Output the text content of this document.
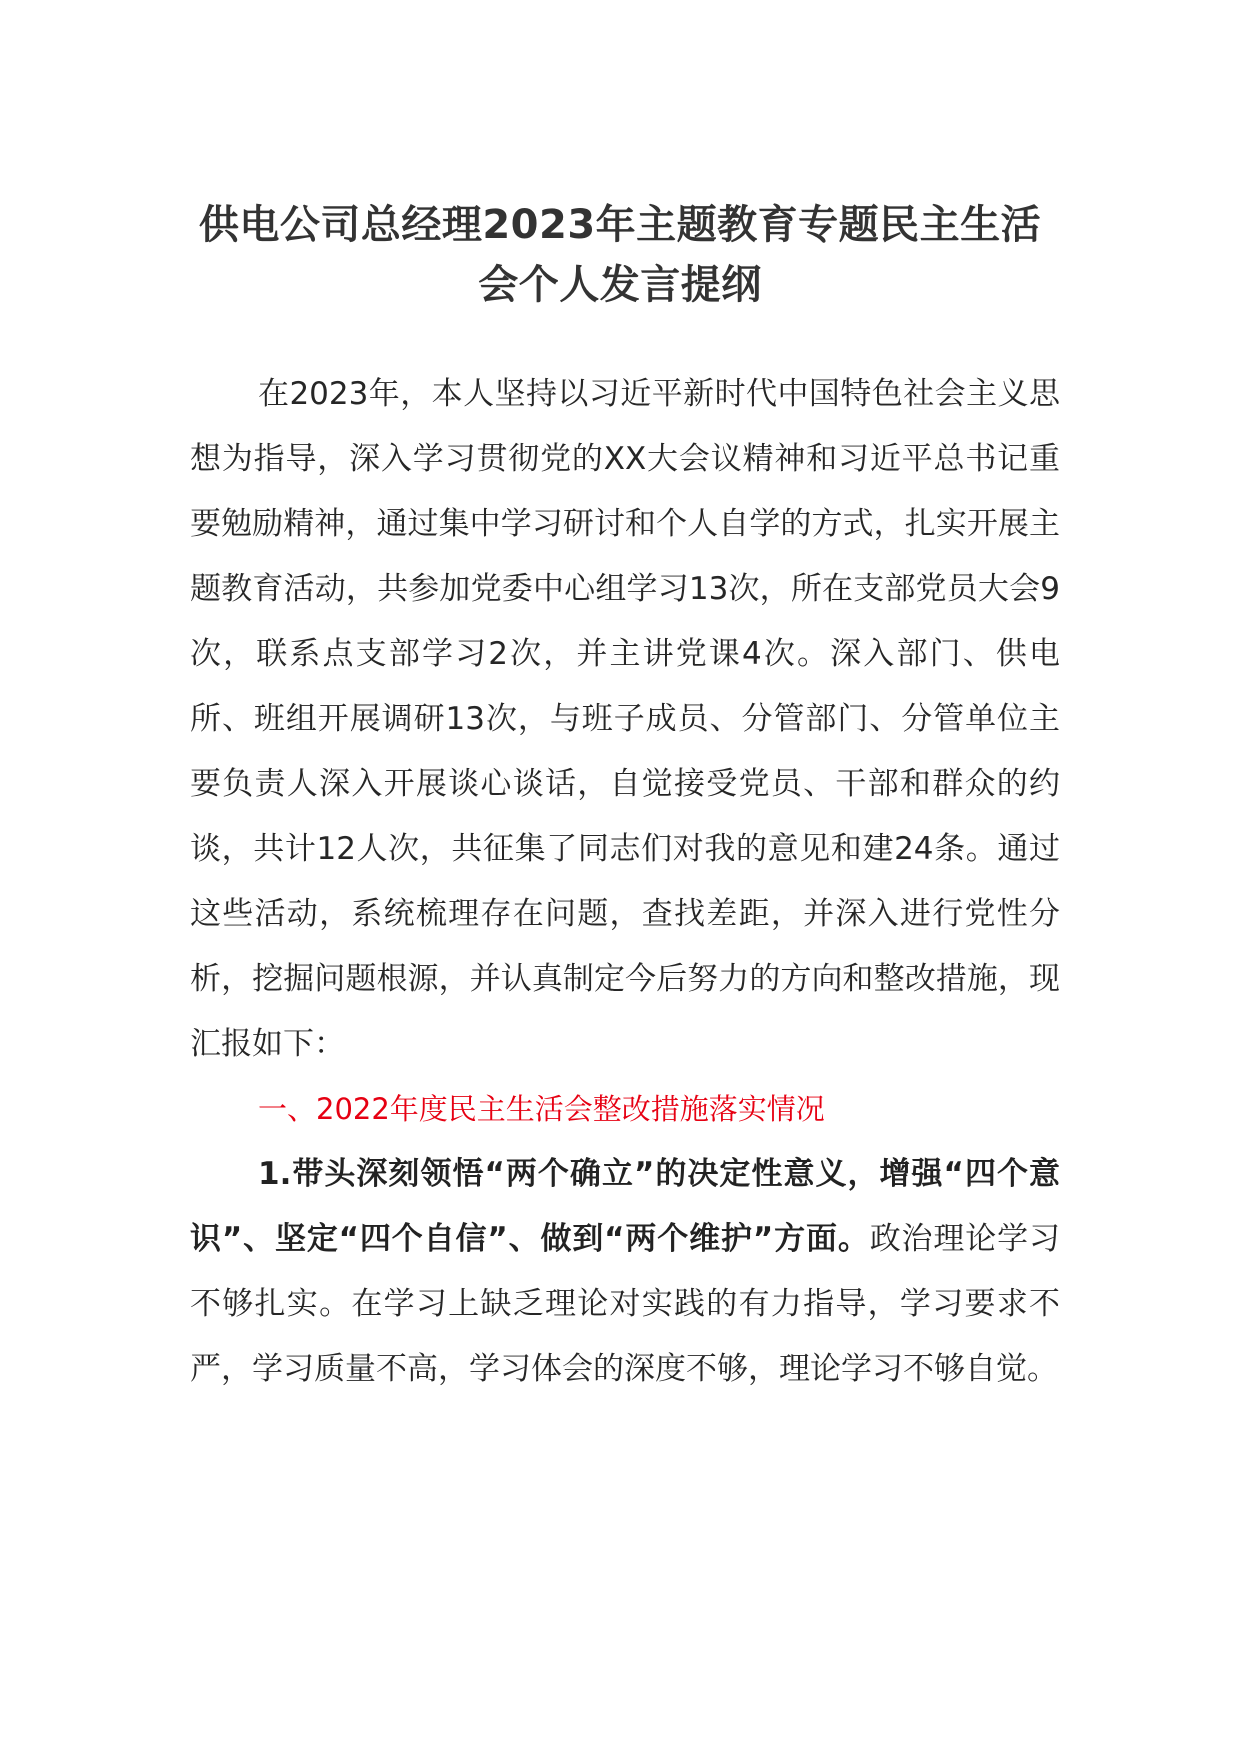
供电公司总经理2023年主题教育专题民主生活会个人发言提纲

在2023年，本人坚持以习近平新时代中国特色社会主义思想为指导，深入学习贯彻党的XX大会议精神和习近平总书记重要勉励精神，通过集中学习研讨和个人自学的方式，扎实开展主题教育活动，共参加党委中心组学习13次，所在支部党员大会9次，联系点支部学习2次，并主讲党课4次。深入部门、供电所、班组开展调研13次，与班子成员、分管部门、分管单位主要负责人深入开展谈心谈话，自觉接受党员、干部和群众的约谈，共计12人次，共征集了同志们对我的意见和建24条。通过这些活动，系统梳理存在问题，查找差距，并深入进行党性分析，挖掘问题根源，并认真制定今后努力的方向和整改措施，现汇报如下：

一、2022年度民主生活会整改措施落实情况

1.带头深刻领悟“两个确立”的决定性意义，增强“四个意识”、坚定“四个自信”、做到“两个维护”方面。政治理论学习不够扎实。在学习上缺乏理论对实践的有力指导，学习要求不严，学习质量不高，学习体会的深度不够，理论学习不够自觉。
